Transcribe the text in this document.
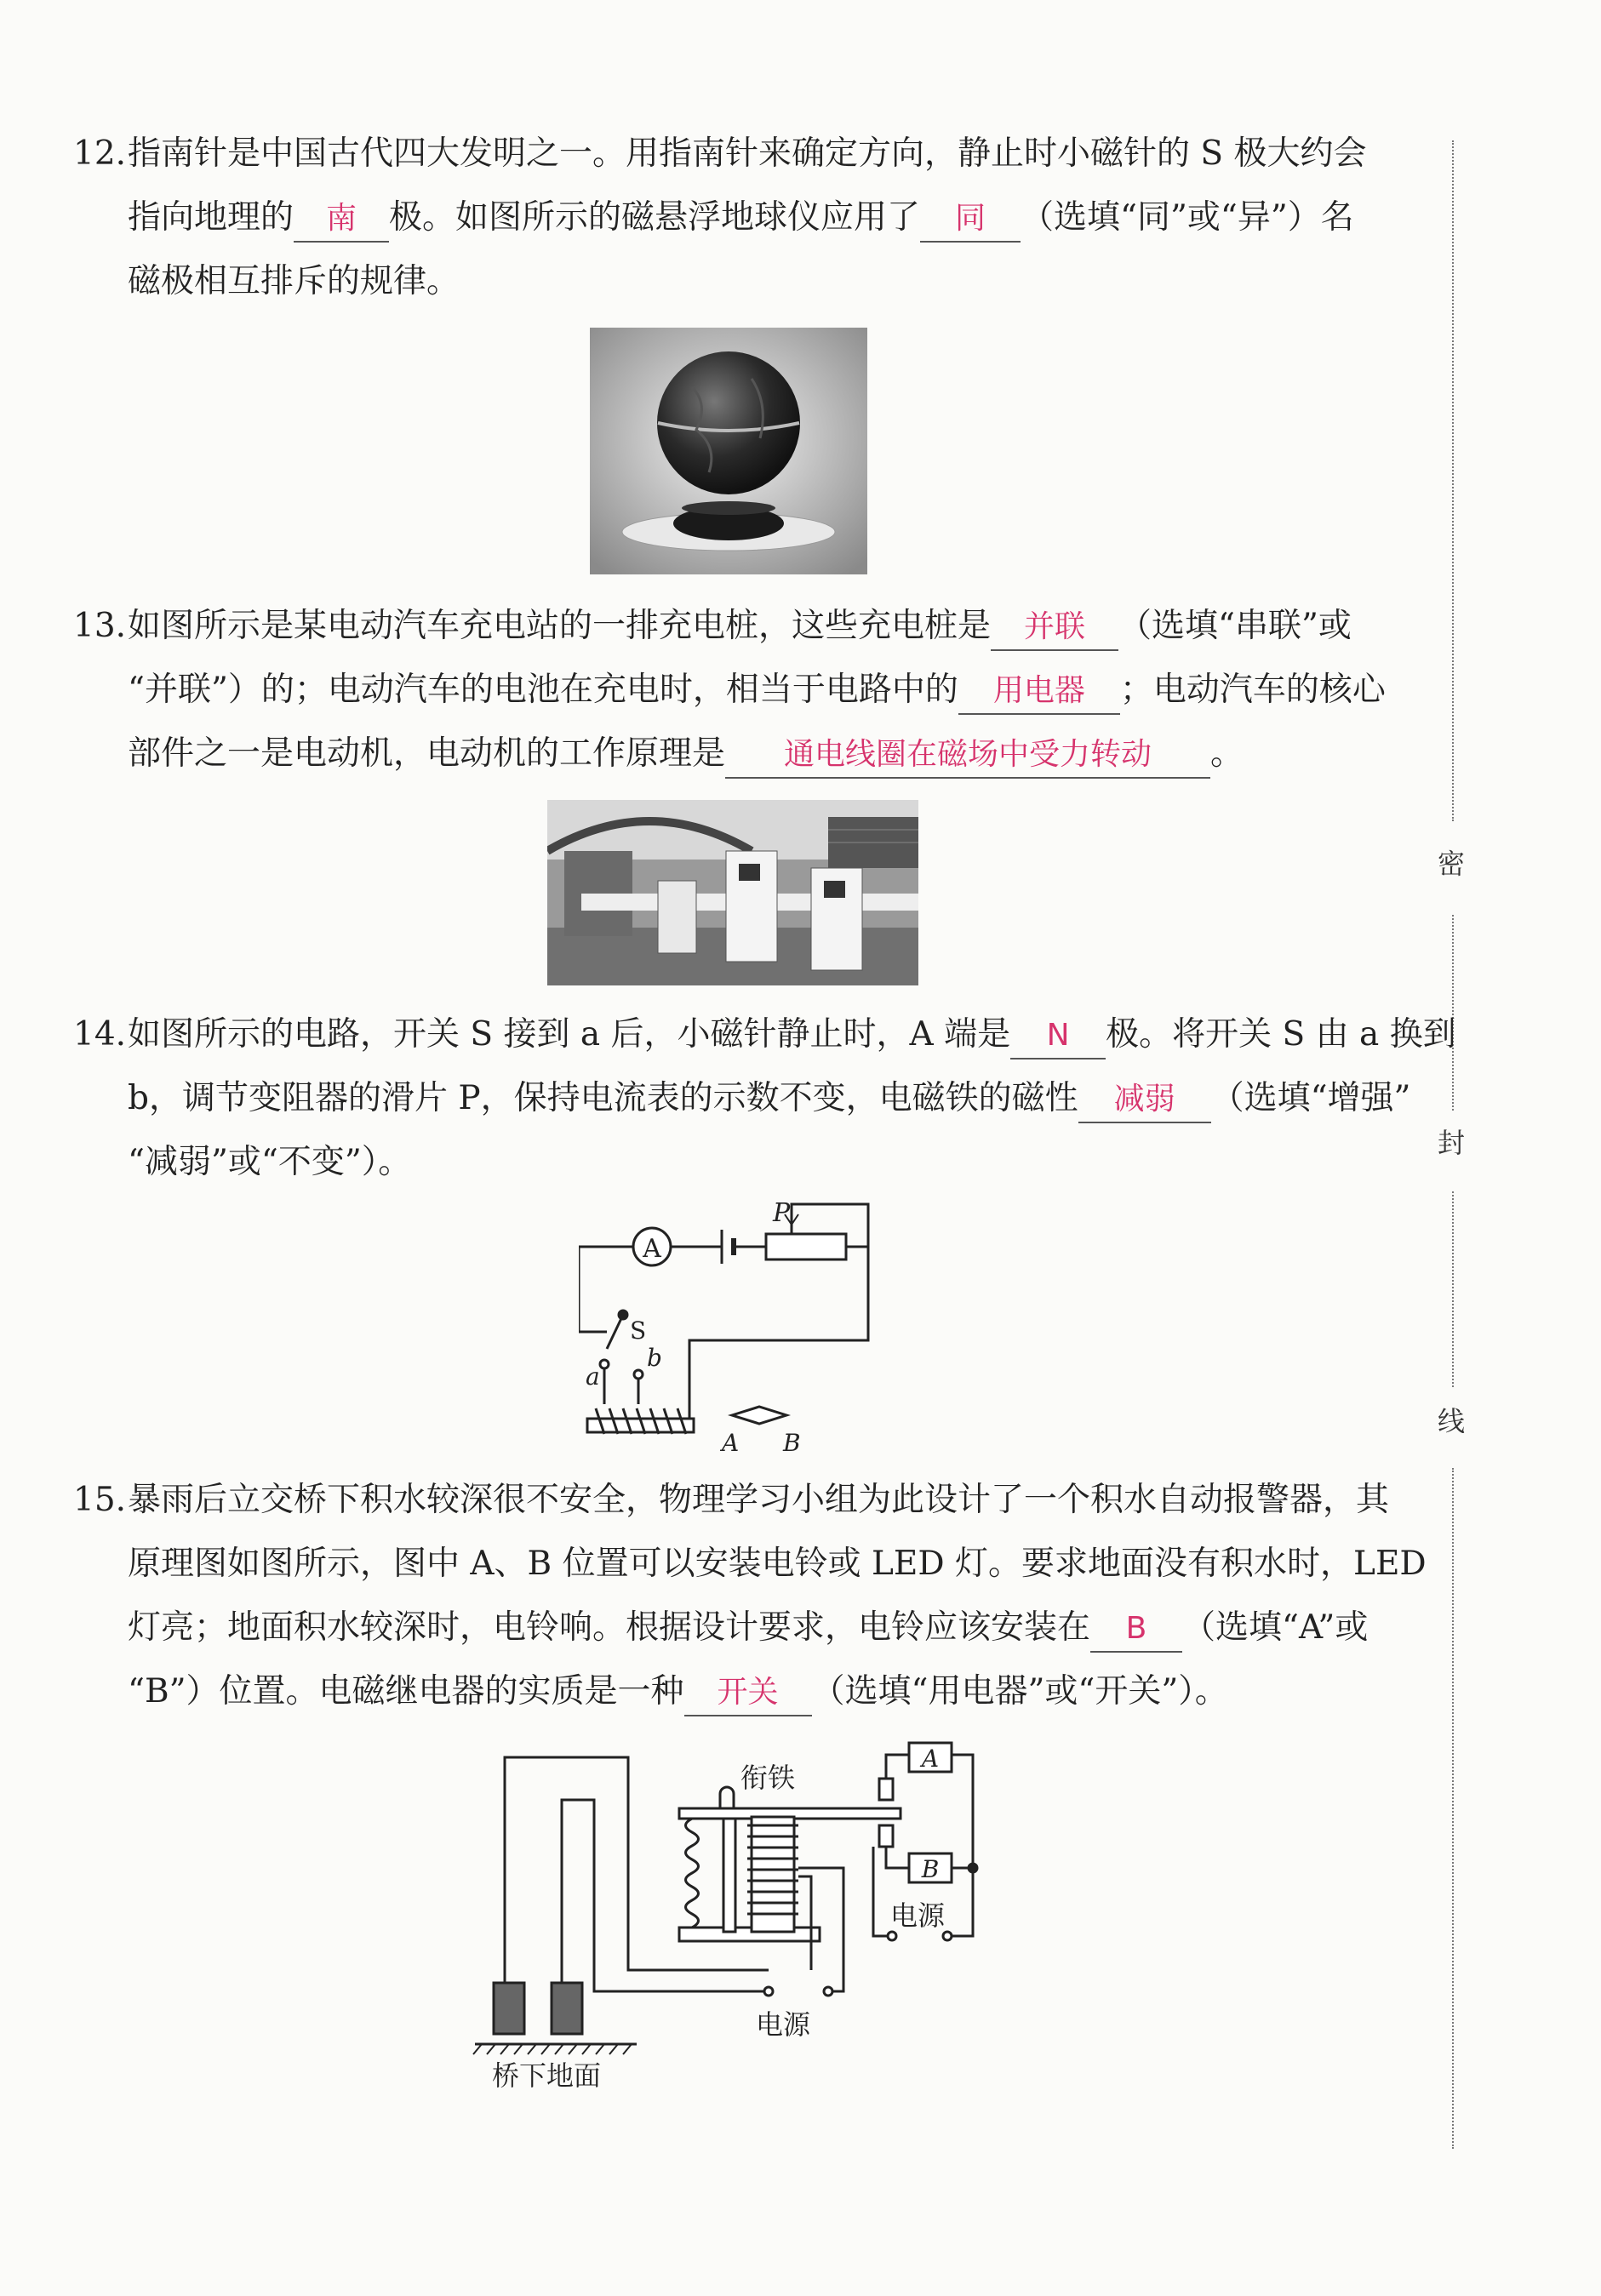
密
封
线
12. 指南针是中国古代四大发明之一。用指南针来确定方向，静止时小磁针的 S 极大约会
指向地理的 南 极。如图所示的磁悬浮地球仪应用了 同 （选填“同”或“异”）名
磁极相互排斥的规律。
13. 如图所示是某电动汽车充电站的一排充电桩，这些充电桩是 并联 （选填“串联”或
“并联”）的；电动汽车的电池在充电时，相当于电路中的 用电器 ；电动汽车的核心
部件之一是电动机，电动机的工作原理是 通电线圈在磁场中受力转动 。
14. 如图所示的电路，开关 S 接到 a 后，小磁针静止时，A 端是 N 极。将开关 S 由 a 换到
b，调节变阻器的滑片 P，保持电流表的示数不变，电磁铁的磁性 减弱 （选填“增强”
“减弱”或“不变”）。
A
P
S
a
b
A B
15. 暴雨后立交桥下积水较深很不安全，物理学习小组为此设计了一个积水自动报警器，其
原理图如图所示，图中 A、B 位置可以安装电铃或 LED 灯。要求地面没有积水时，LED
灯亮；地面积水较深时，电铃响。根据设计要求，电铃应该安装在 B （选填“A”或
“B”）位置。电磁继电器的实质是一种 开关 （选填“用电器”或“开关”）。
桥下地面
电源
衔铁
A
B
电源
